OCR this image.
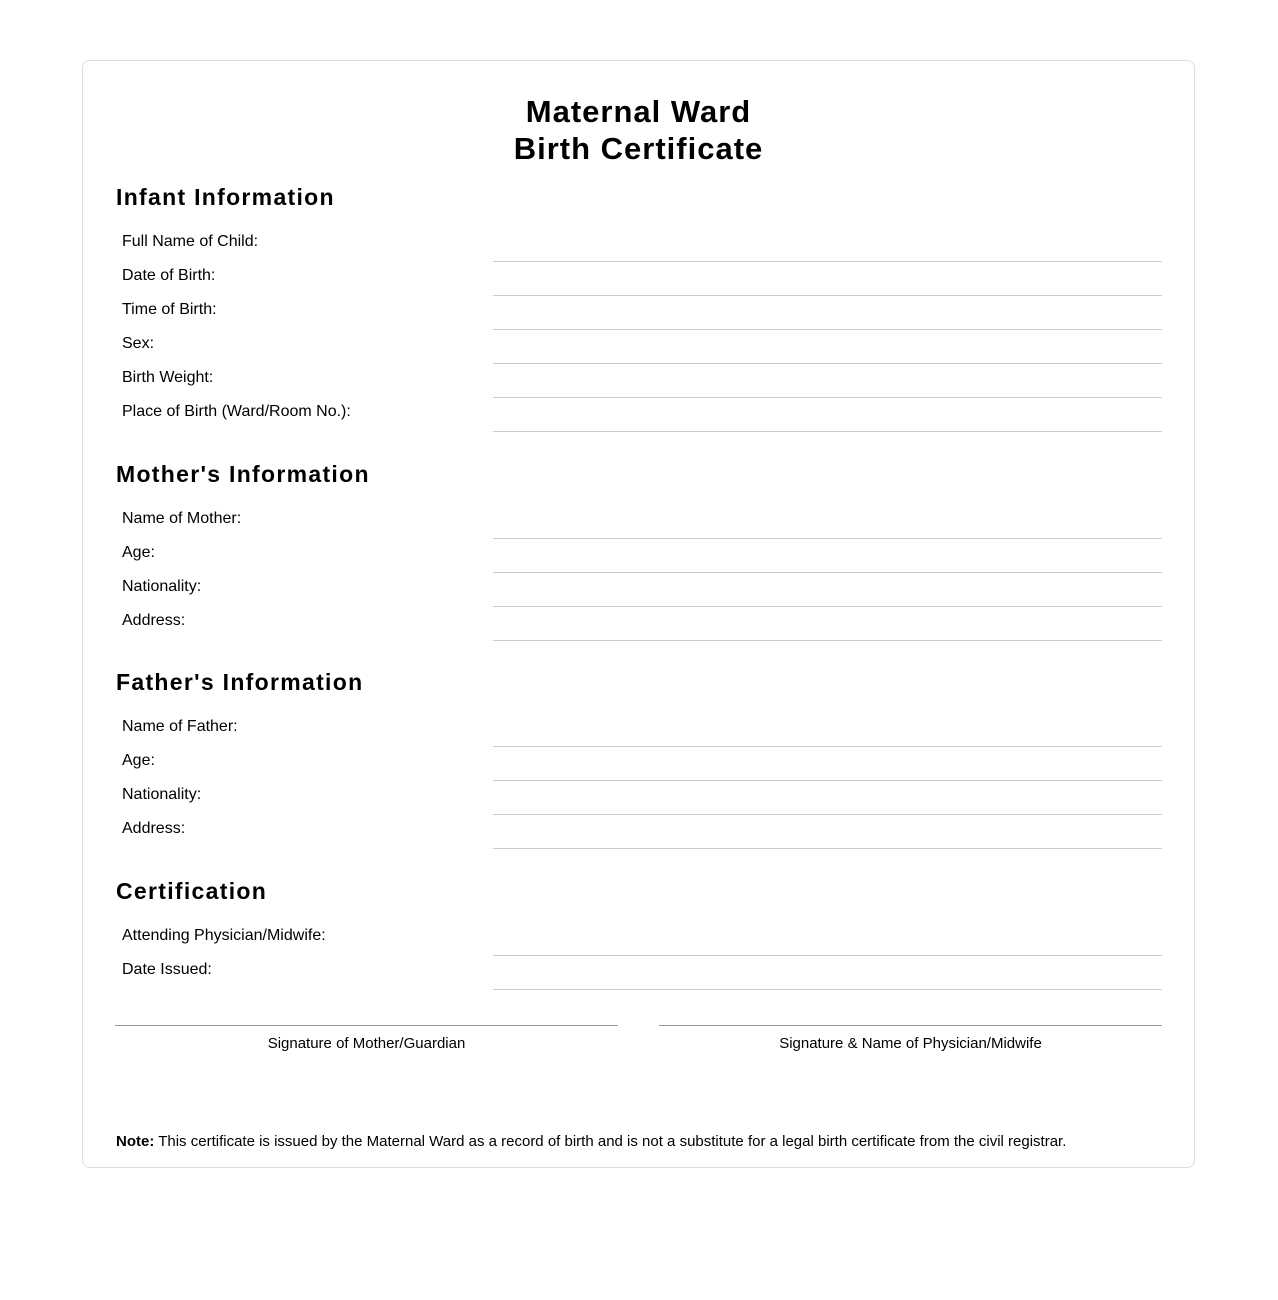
Maternal Ward
Birth Certificate
Infant Information
Full Name of Child:
Date of Birth:
Time of Birth:
Sex:
Birth Weight:
Place of Birth (Ward/Room No.):
Mother's Information
Name of Mother:
Age:
Nationality:
Address:
Father's Information
Name of Father:
Age:
Nationality:
Address:
Certification
Attending Physician/Midwife:
Date Issued:
Signature of Mother/Guardian	Signature & Name of Physician/Midwife

Note: This certificate is issued by the Maternal Ward as a record of birth and is not a substitute for a legal birth certificate from the civil registrar.
